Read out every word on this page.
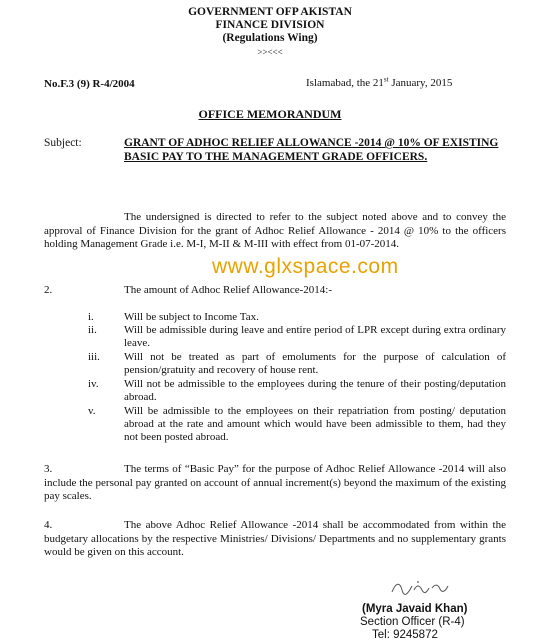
GOVERNMENT OFP AKISTAN
FINANCE DIVISION
(Regulations Wing)
>><<<
No.F.3 (9) R-4/2004	Islamabad, the 21st January, 2015
OFFICE MEMORANDUM
Subject:	GRANT OF ADHOC RELIEF ALLOWANCE -2014 @ 10% OF EXISTING BASIC PAY TO THE MANAGEMENT GRADE OFFICERS.
The undersigned is directed to refer to the subject noted above and to convey the approval of Finance Division for the grant of Adhoc Relief Allowance - 2014 @ 10% to the officers holding Management Grade i.e. M-I, M-II & M-III with effect from 01-07-2014.
www.glxspace.com
2.	The amount of Adhoc Relief Allowance-2014:-
i.	Will be subject to Income Tax.
ii. Will be admissible during leave and entire period of LPR except during extra ordinary leave.
iii. Will not be treated as part of emoluments for the purpose of calculation of pension/gratuity and recovery of house rent.
iv. Will not be admissible to the employees during the tenure of their posting/deputation abroad.
v.	Will be admissible to the employees on their repatriation from posting/ deputation abroad at the rate and amount which would have been admissible to them, had they not been posted abroad.
3.	The terms of “Basic Pay” for the purpose of Adhoc Relief Allowance -2014 will also include the personal pay granted on account of annual increment(s) beyond the maximum of the existing pay scales.
4.	The above Adhoc Relief Allowance -2014 shall be accommodated from within the budgetary allocations by the respective Ministries/ Divisions/ Departments and no supplementary grants would be given on this account.
(Myra Javaid Khan)
Section Officer (R-4)
Tel: 9245872
